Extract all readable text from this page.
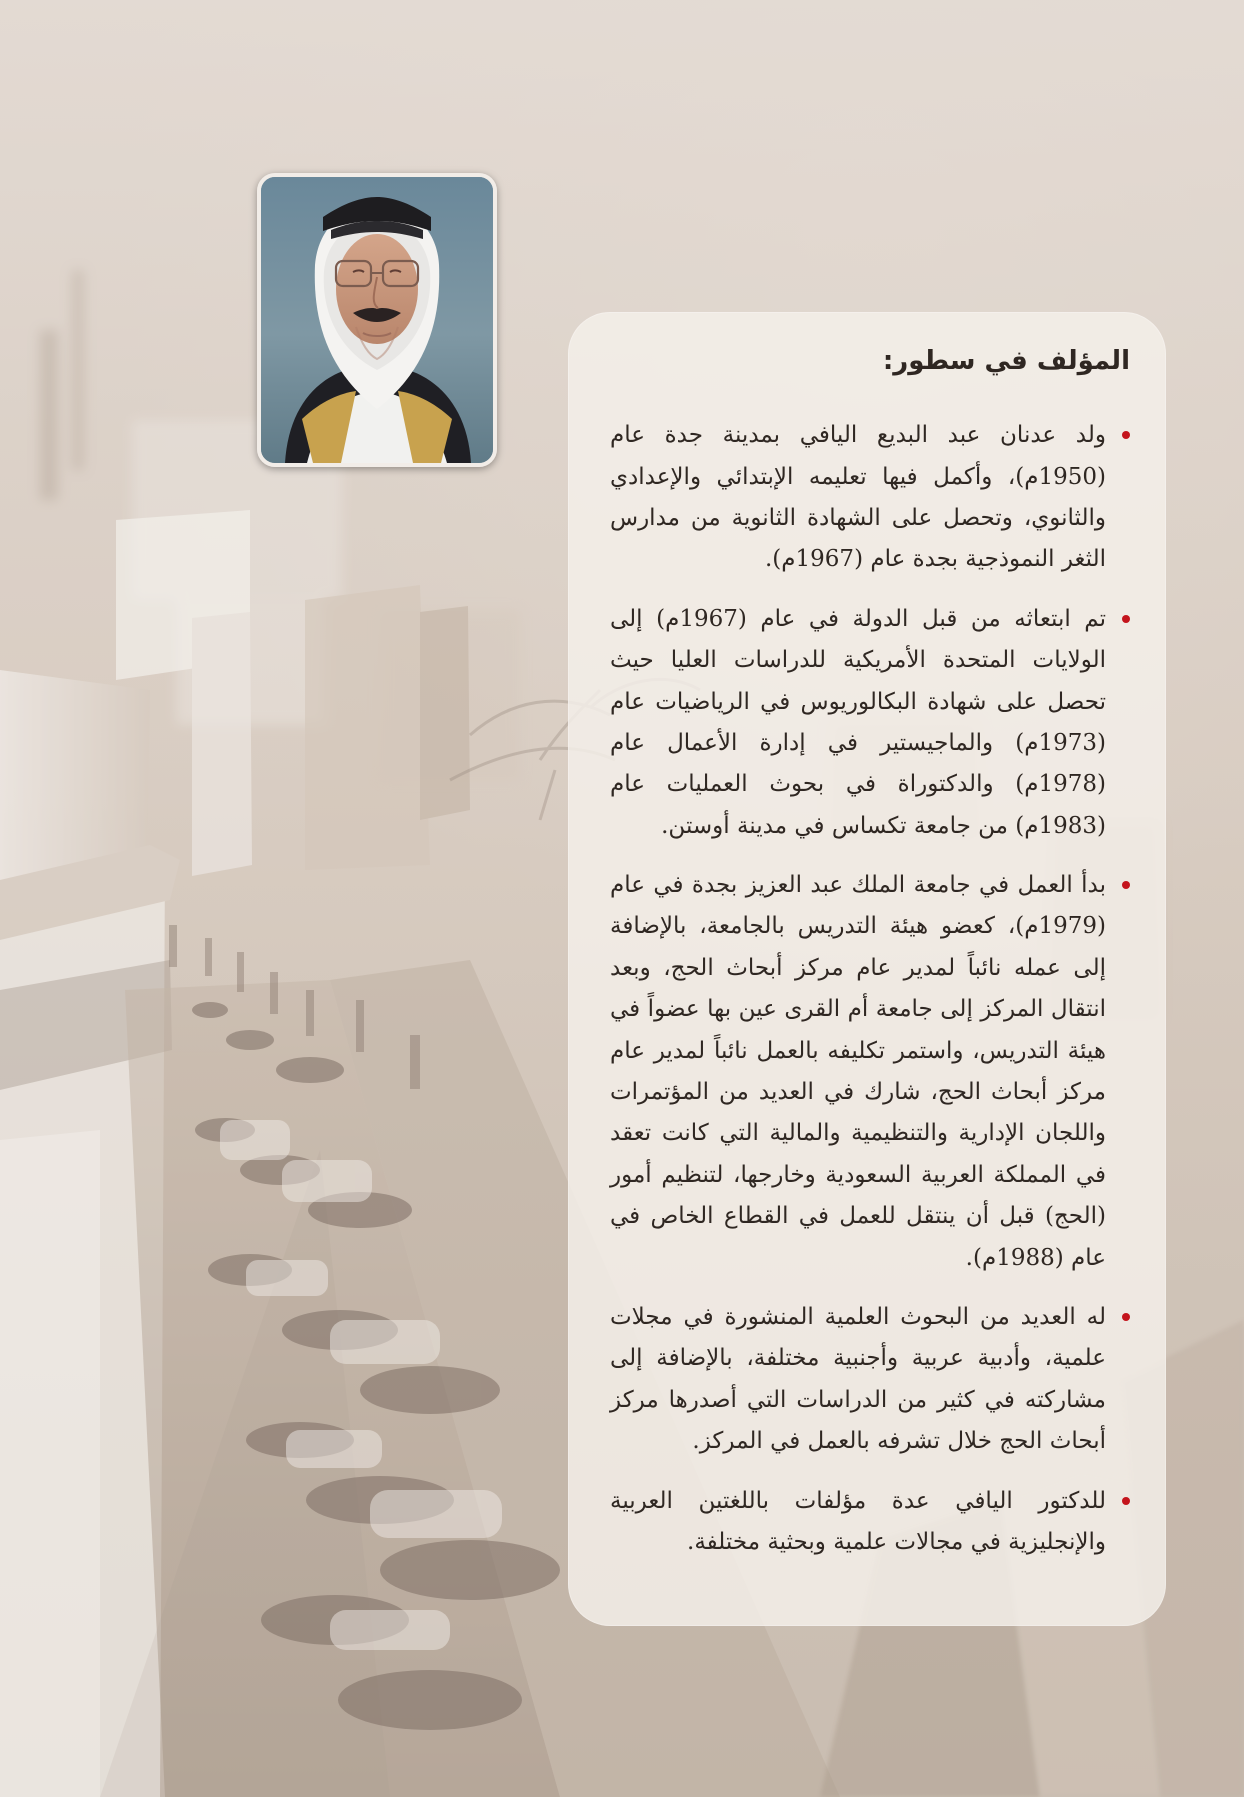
المؤلف في سطور:
ولد عدنان عبد البديع اليافي بمدينة جدة عام (1950م)، وأكمل فيها تعليمه الإبتدائي والإعدادي والثانوي، وتحصل على الشهادة الثانوية من مدارس الثغر النموذجية بجدة عام (1967م).
تم ابتعاثه من قبل الدولة في عام (1967م) إلى الولايات المتحدة الأمريكية للدراسات العليا حيث تحصل على شهادة البكالوريوس في الرياضيات عام (1973م) والماجيستير في إدارة الأعمال عام (1978م) والدكتوراة في بحوث العمليات عام (1983م) من جامعة تكساس في مدينة أوستن.
بدأ العمل في جامعة الملك عبد العزيز بجدة في عام (1979م)، كعضو هيئة التدريس بالجامعة، بالإضافة إلى عمله نائباً لمدير عام مركز أبحاث الحج، وبعد انتقال المركز إلى جامعة أم القرى عين بها عضواً في هيئة التدريس، واستمر تكليفه بالعمل نائباً لمدير عام مركز أبحاث الحج، شارك في العديد من المؤتمرات واللجان الإدارية والتنظيمية والمالية التي كانت تعقد في المملكة العربية السعودية وخارجها، لتنظيم أمور (الحج) قبل أن ينتقل للعمل في القطاع الخاص في عام (1988م).
له العديد من البحوث العلمية المنشورة في مجلات علمية، وأدبية عربية وأجنبية مختلفة، بالإضافة إلى مشاركته في كثير من الدراسات التي أصدرها مركز أبحاث الحج خلال تشرفه بالعمل في المركز.
للدكتور اليافي عدة مؤلفات باللغتين العربية والإنجليزية في مجالات علمية وبحثية مختلفة.
